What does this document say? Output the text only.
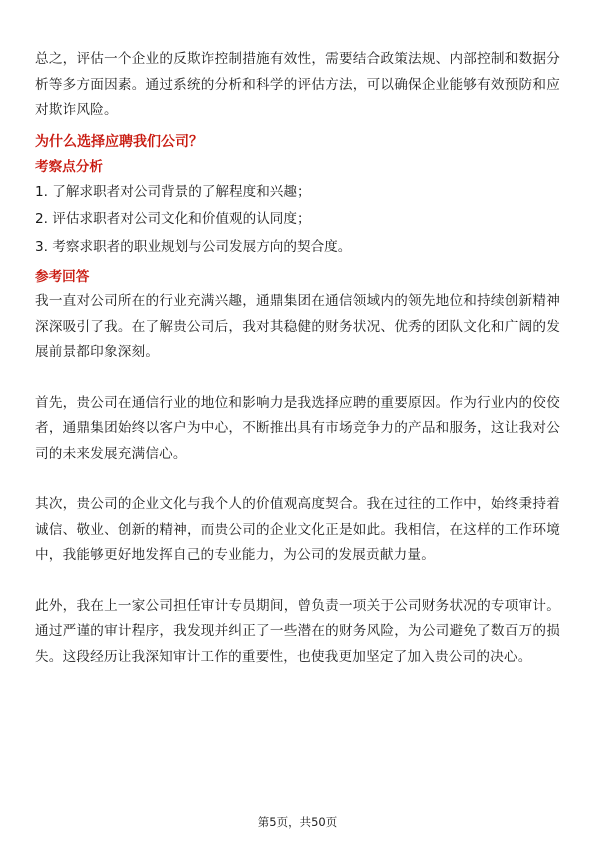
总之，评估一个企业的反欺诈控制措施有效性，需要结合政策法规、内部控制和数据分析等多方面因素。通过系统的分析和科学的评估方法，可以确保企业能够有效预防和应对欺诈风险。

为什么选择应聘我们公司？

考察点分析

1. 了解求职者对公司背景的了解程度和兴趣；

2. 评估求职者对公司文化和价值观的认同度；

3. 考察求职者的职业规划与公司发展方向的契合度。

参考回答

我一直对公司所在的行业充满兴趣，通鼎集团在通信领域内的领先地位和持续创新精神深深吸引了我。在了解贵公司后，我对其稳健的财务状况、优秀的团队文化和广阔的发展前景都印象深刻。

首先，贵公司在通信行业的地位和影响力是我选择应聘的重要原因。作为行业内的佼佼者，通鼎集团始终以客户为中心，不断推出具有市场竞争力的产品和服务，这让我对公司的未来发展充满信心。

其次，贵公司的企业文化与我个人的价值观高度契合。我在过往的工作中，始终秉持着诚信、敬业、创新的精神，而贵公司的企业文化正是如此。我相信，在这样的工作环境中，我能够更好地发挥自己的专业能力，为公司的发展贡献力量。

此外，我在上一家公司担任审计专员期间，曾负责一项关于公司财务状况的专项审计。通过严谨的审计程序，我发现并纠正了一些潜在的财务风险，为公司避免了数百万的损失。这段经历让我深知审计工作的重要性，也使我更加坚定了加入贵公司的决心。

第5页，共50页
